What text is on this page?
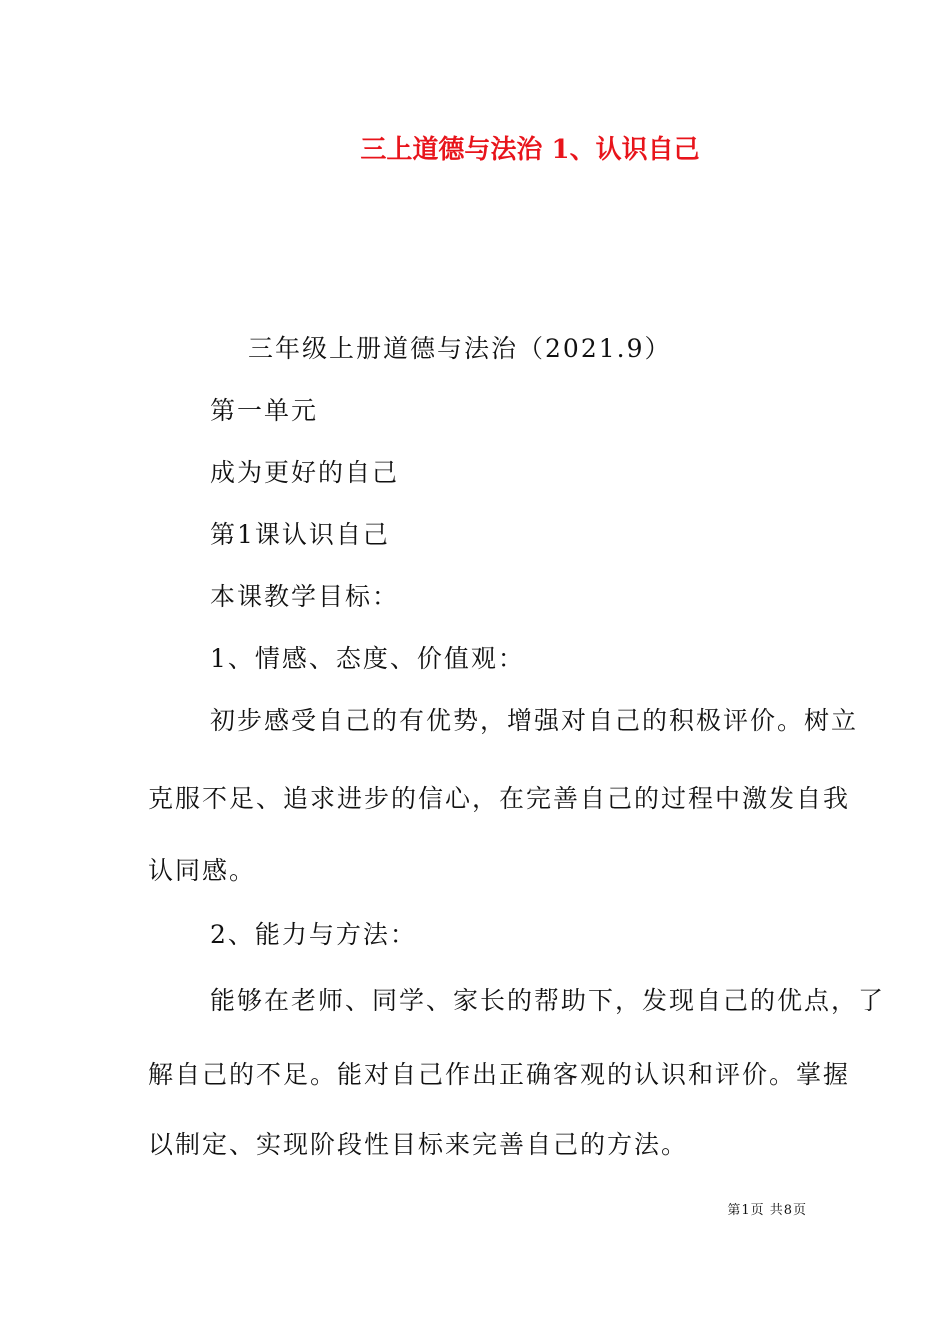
三上道德与法治 1、认识自己
三年级上册道德与法治（2021.9）
第一单元
成为更好的自己
第1课认识自己
本课教学目标：
1、情感、态度、价值观：
初步感受自己的有优势，增强对自己的积极评价。树立
克服不足、追求进步的信心，在完善自己的过程中激发自我
认同感。
2、能力与方法：
能够在老师、同学、家长的帮助下，发现自己的优点，了
解自己的不足。能对自己作出正确客观的认识和评价。掌握
以制定、实现阶段性目标来完善自己的方法。
第1页 共8页
